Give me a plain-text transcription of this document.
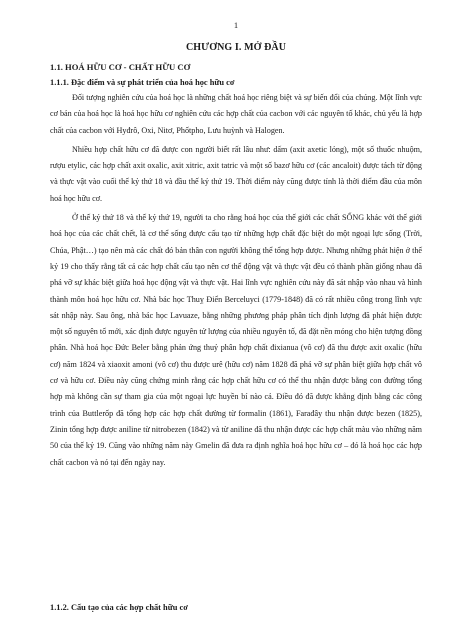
1
CHƯƠNG I. MỞ ĐẦU
1.1. HOÁ HỮU CƠ - CHẤT HỮU CƠ
1.1.1. Đặc điểm và sự phát triển của hoá học hữu cơ

Đối tượng nghiên cứu của hoá học là những chất hoá học riêng biệt và sự biến đổi của chúng. Một lĩnh vực cơ bản của hoá học là hoá học hữu cơ nghiên cứu các hợp chất của cacbon với các nguyên tố khác, chủ yếu là hợp chất của cacbon với Hyđrô, Oxi, Nitơ, Phốtpho, Lưu huỳnh và Halogen.

Nhiều hợp chất hữu cơ đã được con người biết rất lâu như: dấm (axit axetic lỏng), một số thuốc nhuộm, rượu etylic, các hợp chất axit oxalic, axit xitric, axit tatric và một số bazơ hữu cơ (các ancaloit) được tách từ động và thực vật vào cuối thế kỷ thứ 18 và đầu thế kỷ thứ 19. Thời điểm này cũng được tính là thời điểm đầu của môn hoá học hữu cơ.

Ở thế kỷ thứ 18 và thế kỷ thứ 19, người ta cho rằng hoá học của thế giới các chất SỐNG khác với thế giới hoá học của các chất chết, là cơ thể sống được cấu tạo từ những hợp chất đặc biệt do một ngoại lực sống (Trời, Chúa, Phật…) tạo nên mà các chất đó bản thân con người không thể tổng hợp được. Nhưng những phát hiện ở thế kỷ 19 cho thấy rằng tất cả các hợp chất cấu tạo nên cơ thể động vật và thực vật đều có thành phần giống nhau đã phá vỡ sự khác biệt giữa hoá học động vật và thực vật. Hai lĩnh vực nghiên cứu này đã sát nhập vào nhau và hình thành môn hoá học hữu cơ. Nhà bác học Thuỵ Điển Berceluyci (1779-1848) đã có rất nhiều công trong lĩnh vực sát nhập này. Sau ông, nhà bác học Lavuaze, bằng những phương pháp phân tích định lượng đã phát hiện được một số nguyên tố mới, xác định được nguyên tử lượng của nhiều nguyên tố, đã đặt nền móng cho hiện tượng đồng phân. Nhà hoá học Đức Beler bằng phản ứng thuỷ phân hợp chất đixianua (vô cơ) đã thu được axit oxalic (hữu cơ) năm 1824 và xiaoxit amoni (vô cơ) thu được urê (hữu cơ) năm 1828 đã phá vỡ sự phân biệt giữa hợp chất vô cơ và hữu cơ. Điều này cũng chứng minh rằng các hợp chất hữu cơ có thể thu nhận được bằng con đường tổng hợp mà không cần sự tham gia của một ngoại lực huyền bí nào cả. Điều đó đã được khẳng định bằng các công trình của Buttlerốp đã tổng hợp các hợp chất đường từ formalin (1861), Farađây thu nhận được bezen (1825), Zinin tổng hợp được aniline từ nitrobezen (1842) và từ aniline đã thu nhận được các hợp chất màu vào những năm 50 của thế kỷ 19. Cũng vào những năm này Gmelin đã đưa ra định nghĩa hoá học hữu cơ – đó là hoá học các hợp chất cacbon và nó tại đến ngày nay.

1.1.2. Cấu tạo của các hợp chất hữu cơ
